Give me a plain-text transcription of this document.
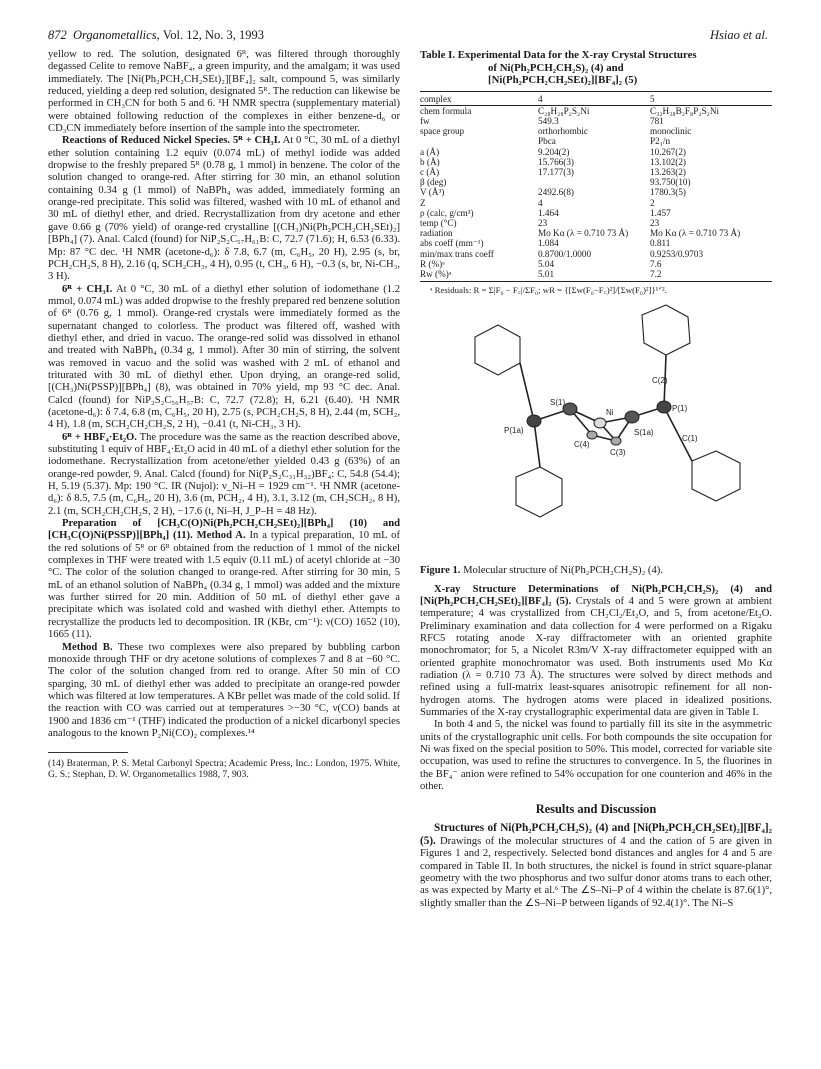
872 Organometallics, Vol. 12, No. 3, 1993	Hsiao et al.

yellow to red. The solution, designated 6ᴿ, was filtered through thoroughly degassed Celite to remove NaBF₄, a green impurity, and the amalgam; it was used immediately. The [Ni(Ph₂PCH₂CH₂SEt)₂][BF₄]₂ salt, compound 5, was similarly reduced, yielding a deep red solution, designated 5ᴿ. The reduction can likewise be performed in CH₃CN for both 5 and 6. ¹H NMR spectra (supplementary material) were obtained following reduction of the complexes in either benzene-d₆ or CD₃CN immediately before insertion of the sample into the spectrometer.

Reactions of Reduced Nickel Species. 5ᴿ + CH₃I. At 0 °C, 30 mL of a diethyl ether solution containing 1.2 equiv (0.074 mL) of methyl iodide was added dropwise to the freshly prepared 5ᴿ (0.78 g, 1 mmol) in benzene. The color of the solution changed to orange-red. After stirring for 30 min, an ethanol solution containing 0.34 g (1 mmol) of NaBPh₄ was added, immediately forming an orange-red precipitate. This solid was filtered, washed with 10 mL of ethanol and 30 mL of diethyl ether, and dried. Recrystallization from dry acetone and ether gave 0.66 g (70% yield) of orange-red crystalline [(CH₃)Ni(Ph₂PCH₂CH₂SEt)₂][BPh₄] (7). Anal. Calcd (found) for NiP₂S₂C₅₇H₆₁B: C, 72.7 (71.6); H, 6.53 (6.33). Mp: 87 °C dec. ¹H NMR (acetone-d₆): δ 7.8, 6.7 (m, C₆H₅, 20 H), 2.95 (s, br, PCH₂CH₂S, 8 H), 2.16 (q, SCH₂CH₃, 4 H), 0.95 (t, CH₃, 6 H), −0.3 (s, br, Ni-CH₃, 3 H).

6ᴿ + CH₃I. At 0 °C, 30 mL of a diethyl ether solution of iodomethane (1.2 mmol, 0.074 mL) was added dropwise to the freshly prepared red benzene solution of 6ᴿ (0.76 g, 1 mmol). Orange-red crystals were immediately formed as the supernatant changed to colorless. The product was filtered off, washed with diethyl ether, and dried in vacuo. The orange-red solid was dissolved in ethanol and treated with NaBPh₄ (0.34 g, 1 mmol). After 30 min of stirring, the solvent was removed in vacuo and the solid was washed with 2 mL of ethanol and triturated with 30 mL of diethyl ether. Upon drying, an orange-red solid, [(CH₃)Ni(PSSP)][BPh₄] (8), was obtained in 70% yield, mp 93 °C dec. Anal. Calcd (found) for NiP₂S₂C₅₆H₅₇B: C, 72.7 (72.8); H, 6.21 (6.40). ¹H NMR (acetone-d₆): δ 7.4, 6.8 (m, C₆H₅, 20 H), 2.75 (s, PCH₂CH₂S, 8 H), 2.44 (m, SCH₂, 4 H), 1.8 (m, SCH₂CH₂CH₂S, 2 H), −0.41 (t, Ni-CH₃, 3 H).

6ᴿ + HBF₄·Et₂O. The procedure was the same as the reaction described above, substituting 1 equiv of HBF₄·Et₂O acid in 40 mL of a diethyl ether solution for the iodomethane. Recrystallization from acetone/ether yielded 0.43 g (63%) of an orange-red powder, 9. Anal. Calcd (found) for Ni(P₂S₂C₃₁H₃₂)BF₄: C, 54.8 (54.4); H, 5.19 (5.37). Mp: 190 °C. IR (Nujol): ν_Ni–H = 1929 cm⁻¹. ¹H NMR (acetone-d₆): δ 8.5, 7.5 (m, C₆H₅, 20 H), 3.6 (m, PCH₂, 4 H), 3.1, 3.12 (m, CH₂SCH₂, 8 H), 2.1 (m, SCH₂CH₂CH₂S, 2 H), −17.6 (t, Ni–H, J_P–H = 48 Hz).

Preparation of [CH₃C(O)Ni(Ph₂PCH₂CH₂SEt)₂][BPh₄] (10) and [CH₃C(O)Ni(PSSP)][BPh₄] (11). Method A. In a typical preparation, 10 mL of the red solutions of 5ᴿ or 6ᴿ obtained from the reduction of 1 mmol of the nickel complexes in THF were treated with 1.5 equiv (0.11 mL) of acetyl chloride at −30 °C. The color of the solution changed to orange-red. After stirring for 30 min, 5 mL of an ethanol solution of NaBPh₄ (0.34 g, 1 mmol) was added and the mixture was further stirred for 20 min. Addition of 50 mL of diethyl ether gave a precipitate which was isolated cold and washed with diethyl ether. Attempts to recrystallize the products led to decomposition. IR (KBr, cm⁻¹): ν(CO) 1652 (10), 1665 (11).

Method B. These two complexes were also prepared by bubbling carbon monoxide through THF or dry acetone solutions of complexes 7 and 8 at −60 °C. The color of the solution changed from red to orange. After 50 min of CO sparging, 30 mL of diethyl ether was added to precipitate an orange-red powder which was filtered at low temperatures. A KBr pellet was made of the cold solid. If the reaction with CO was carried out at temperatures >−30 °C, ν(CO) bands at 1900 and 1836 cm⁻¹ (THF) indicated the production of a nickel dicarbonyl species analogous to the known P₂Ni(CO)₂ complexes.¹⁴

(14) Braterman, P. S. Metal Carbonyl Spectra; Academic Press, Inc.: London, 1975. White, G. S.; Stephan, D. W. Organometallics 1988, 7, 903.
Table I. Experimental Data for the X-ray Crystal Structures
of Ni(Ph₂PCH₂CH₂S)₂ (4) and
[Ni(Ph₂PCH₂CH₂SEt)₂][BF₄]₂ (5)
complex	4	5
chem formula	C₂₈H₂₈P₂S₂Ni	C₃₂H₃₈B₂F₈P₂S₂Ni
fw	549.3	781
space group	orthorhombic	monoclinic
	Pbca	P2₁/n
a (Å)	9.204(2)	10.267(2)
b (Å)	15.766(3)	13.102(2)
c (Å)	17.177(3)	13.263(2)
β (deg)		93.750(10)
V (Å³)	2492.6(8)	1780.3(5)
Z	4	2
ρ (calc, g/cm³)	1.464	1.457
temp (°C)	23	23
radiation	Mo Kα (λ = 0.710 73 Å)	Mo Kα (λ = 0.710 73 Å)
abs coeff (mm⁻¹)	1.084	0.811
min/max trans coeff	0.8700/1.0000	0.9253/0.9703
R (%)ᵃ	5.04	7.6
Rw (%)ᵃ	5.01	7.2
ᵃ Residuals: R = Σ|F₀ − F꜀|/ΣF₀; wR = {[Σw(F₀−F꜀)²]/[Σw(F₀)²]}¹ᐟ².
S(1)
Ni	P(1)
P(1a)
C(4)
C(3)
S(1a)
C(2)
C(1)
Figure 1. Molecular structure of Ni(Ph₂PCH₂CH₂S)₂ (4).

X-ray Structure Determinations of Ni(Ph₂PCH₂CH₂S)₂ (4) and [Ni(Ph₂PCH₂CH₂SEt)₂][BF₄]₂ (5). Crystals of 4 and 5 were grown at ambient temperature; 4 was crystallized from CH₂Cl₂/Et₂O, and 5, from acetone/Et₂O. Preliminary examination and data collection for 4 were performed on a Rigaku RFC5 rotating anode X-ray diffractometer with an oriented graphite monochromator; for 5, a Nicolet R3m/V X-ray diffractometer equipped with an oriented graphite monochromator was used. Both instruments used Mo Kα radiation (λ = 0.710 73 Å). The structures were solved by direct methods and refined using a full-matrix least-squares anisotropic refinement for all non-hydrogen atoms. The hydrogen atoms were placed in idealized positions. Summaries of the X-ray crystallographic experimental data are given in Table I.

In both 4 and 5, the nickel was found to partially fill its site in the asymmetric units of the crystallographic unit cells. For both compounds the site occupation for Ni was fixed on the special position to 50%. This model, corrected for variable site occupation, was used to refine the structures to convergence. In 5, the fluorines in the BF₄⁻ anion were refined to 54% occupation for one counterion and 46% in the other.

Results and Discussion

Structures of Ni(Ph₂PCH₂CH₂S)₂ (4) and [Ni(Ph₂PCH₂CH₂SEt)₂][BF₄]₂ (5). Drawings of the molecular structures of 4 and the cation of 5 are given in Figures 1 and 2, respectively. Selected bond distances and angles for 4 and 5 are compared in Table II. In both structures, the nickel is found in strict square-planar geometry with the two phosphorus and two sulfur donor atoms trans to each other, as was expected by Marty et al.⁶ The ∠S–Ni–P of 4 within the chelate is 87.6(1)°, slightly smaller than the ∠S–Ni–P between ligands of 92.4(1)°. The Ni–S
